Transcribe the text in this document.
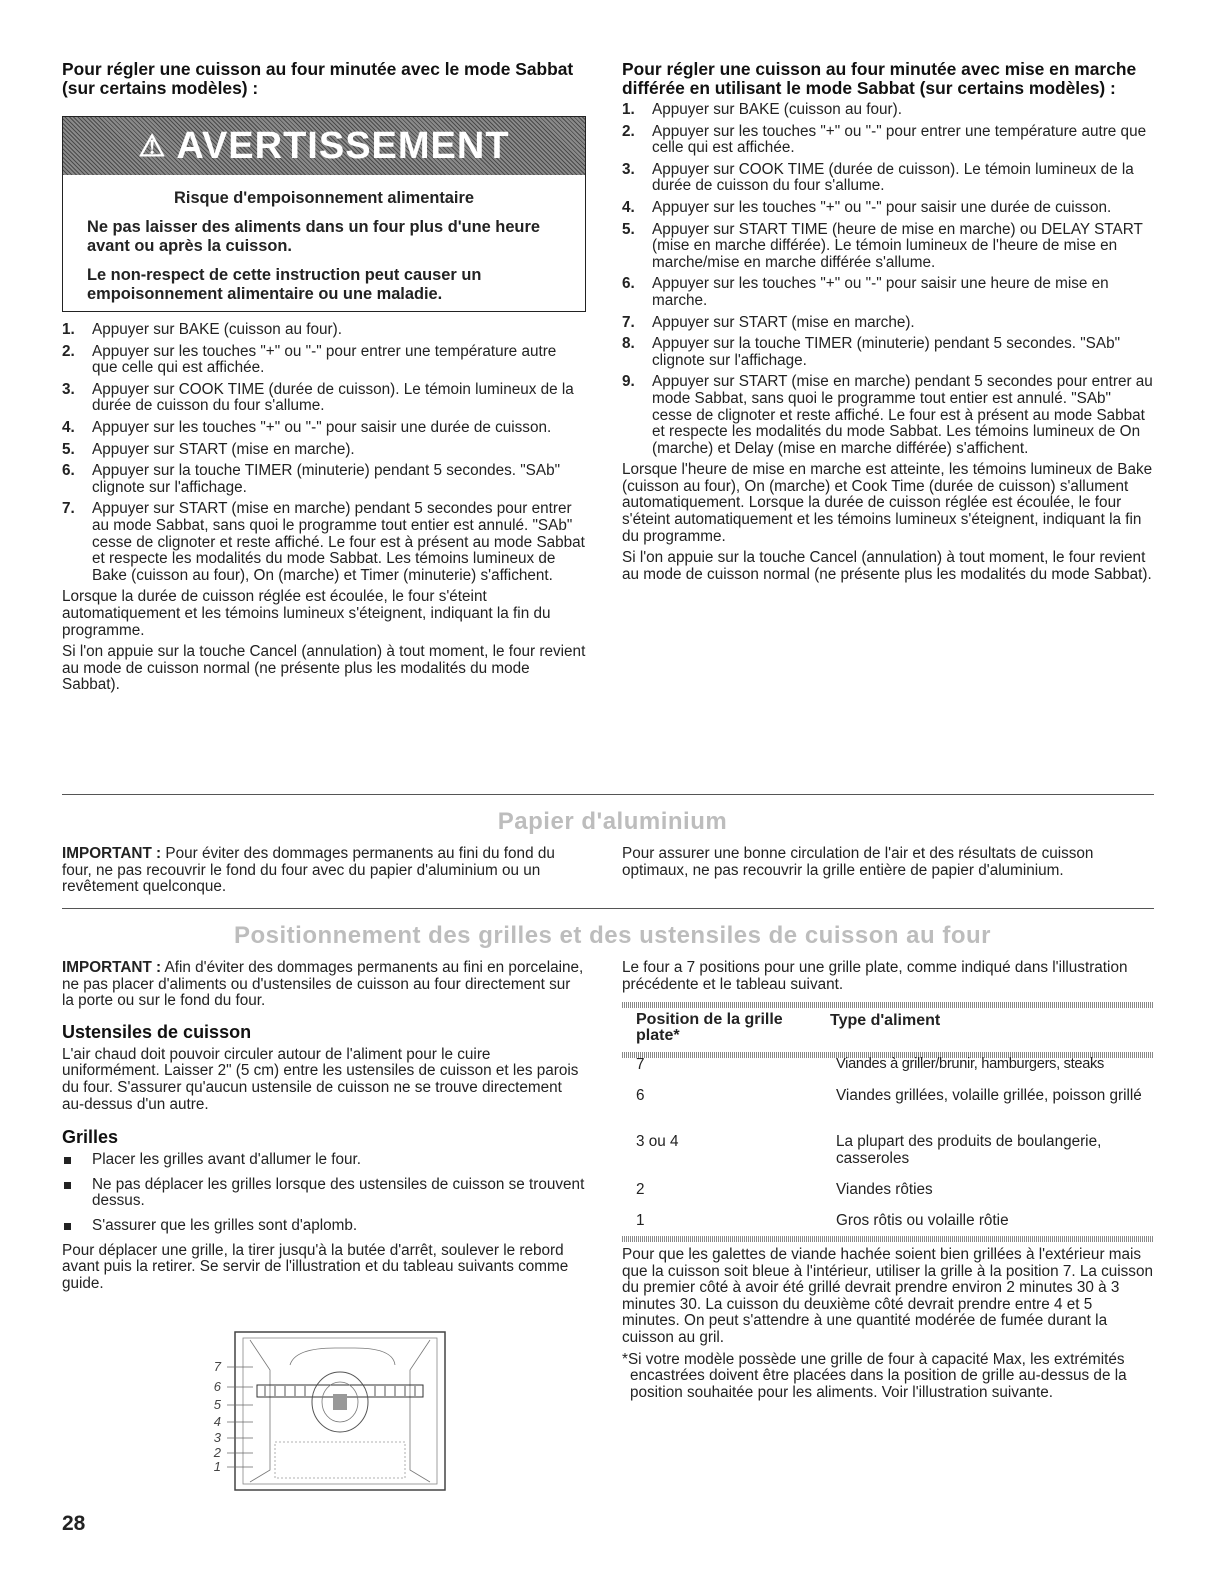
Pour régler une cuisson au four minutée avec le mode Sabbat (sur certains modèles) :

⚠ AVERTISSEMENT
Risque d'empoisonnement alimentaire

Ne pas laisser des aliments dans un four plus d'une heure avant ou après la cuisson.

Le non-respect de cette instruction peut causer un empoisonnement alimentaire ou une maladie.

1. Appuyer sur BAKE (cuisson au four).
2. Appuyer sur les touches "+" ou "-" pour entrer une température autre que celle qui est affichée.
3. Appuyer sur COOK TIME (durée de cuisson). Le témoin lumineux de la durée de cuisson du four s'allume.
4. Appuyer sur les touches "+" ou "-" pour saisir une durée de cuisson.
5. Appuyer sur START (mise en marche).
6. Appuyer sur la touche TIMER (minuterie) pendant 5 secondes. "SAb" clignote sur l'affichage.
7. Appuyer sur START (mise en marche) pendant 5 secondes pour entrer au mode Sabbat, sans quoi le programme tout entier est annulé. "SAb" cesse de clignoter et reste affiché. Le four est à présent au mode Sabbat et respecte les modalités du mode Sabbat. Les témoins lumineux de Bake (cuisson au four), On (marche) et Timer (minuterie) s'affichent.

Lorsque la durée de cuisson réglée est écoulée, le four s'éteint automatiquement et les témoins lumineux s'éteignent, indiquant la fin du programme.

Si l'on appuie sur la touche Cancel (annulation) à tout moment, le four revient au mode de cuisson normal (ne présente plus les modalités du mode Sabbat).

Pour régler une cuisson au four minutée avec mise en marche différée en utilisant le mode Sabbat (sur certains modèles) :

1. Appuyer sur BAKE (cuisson au four).
2. Appuyer sur les touches "+" ou "-" pour entrer une température autre que celle qui est affichée.
3. Appuyer sur COOK TIME (durée de cuisson). Le témoin lumineux de la durée de cuisson du four s'allume.
4. Appuyer sur les touches "+" ou "-" pour saisir une durée de cuisson.
5. Appuyer sur START TIME (heure de mise en marche) ou DELAY START (mise en marche différée). Le témoin lumineux de l'heure de mise en marche/mise en marche différée s'allume.
6. Appuyer sur les touches "+" ou "-" pour saisir une heure de mise en marche.
7. Appuyer sur START (mise en marche).
8. Appuyer sur la touche TIMER (minuterie) pendant 5 secondes. "SAb" clignote sur l'affichage.
9. Appuyer sur START (mise en marche) pendant 5 secondes pour entrer au mode Sabbat, sans quoi le programme tout entier est annulé. "SAb" cesse de clignoter et reste affiché. Le four est à présent au mode Sabbat et respecte les modalités du mode Sabbat. Les témoins lumineux de On (marche) et Delay (mise en marche différée) s'affichent.

Lorsque l'heure de mise en marche est atteinte, les témoins lumineux de Bake (cuisson au four), On (marche) et Cook Time (durée de cuisson) s'allument automatiquement. Lorsque la durée de cuisson réglée est écoulée, le four s'éteint automatiquement et les témoins lumineux s'éteignent, indiquant la fin du programme.

Si l'on appuie sur la touche Cancel (annulation) à tout moment, le four revient au mode de cuisson normal (ne présente plus les modalités du mode Sabbat).

Papier d'aluminium

IMPORTANT : Pour éviter des dommages permanents au fini du fond du four, ne pas recouvrir le fond du four avec du papier d'aluminium ou un revêtement quelconque.

Pour assurer une bonne circulation de l'air et des résultats de cuisson optimaux, ne pas recouvrir la grille entière de papier d'aluminium.

Positionnement des grilles et des ustensiles de cuisson au four

IMPORTANT : Afin d'éviter des dommages permanents au fini en porcelaine, ne pas placer d'aliments ou d'ustensiles de cuisson au four directement sur la porte ou sur le fond du four.

Ustensiles de cuisson

L'air chaud doit pouvoir circuler autour de l'aliment pour le cuire uniformément. Laisser 2" (5 cm) entre les ustensiles de cuisson et les parois du four. S'assurer qu'aucun ustensile de cuisson ne se trouve directement au-dessus d'un autre.

Grilles

Placer les grilles avant d'allumer le four.
Ne pas déplacer les grilles lorsque des ustensiles de cuisson se trouvent dessus.
S'assurer que les grilles sont d'aplomb.

Pour déplacer une grille, la tirer jusqu'à la butée d'arrêt, soulever le rebord avant puis la retirer. Se servir de l'illustration et du tableau suivants comme guide.

7
6
5
4
3
2
1

Le four a 7 positions pour une grille plate, comme indiqué dans l'illustration précédente et le tableau suivant.

Position de la grille plate*
Type d'aliment
7	Viandes à griller/brunir, hamburgers, steaks
6	Viandes grillées, volaille grillée, poisson grillé
3 ou 4	La plupart des produits de boulangerie, casseroles
2	Viandes rôties
1	Gros rôtis ou volaille rôtie

Pour que les galettes de viande hachée soient bien grillées à l'extérieur mais que la cuisson soit bleue à l'intérieur, utiliser la grille à la position 7. La cuisson du premier côté à avoir été grillé devrait prendre environ 2 minutes 30 à 3 minutes 30. La cuisson du deuxième côté devrait prendre entre 4 et 5 minutes. On peut s'attendre à une quantité modérée de fumée durant la cuisson au gril.

*Si votre modèle possède une grille de four à capacité Max, les extrémités encastrées doivent être placées dans la position de grille au-dessus de la position souhaitée pour les aliments. Voir l'illustration suivante.

28
